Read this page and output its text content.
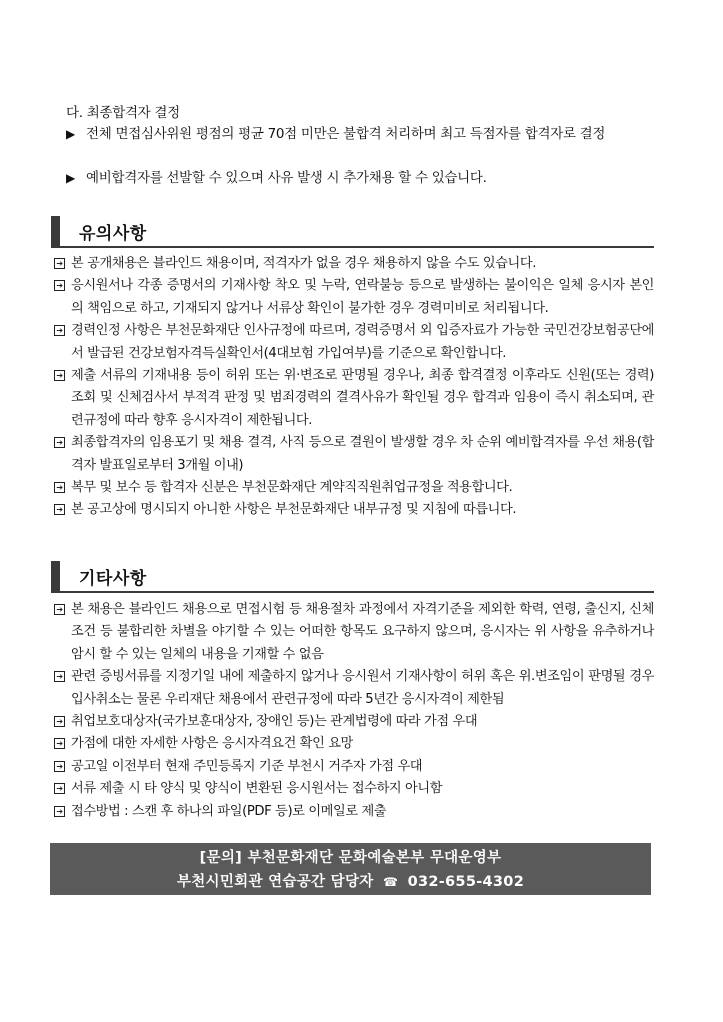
다. 최종합격자 결정
▶ 전체 면접심사위원 평점의 평균 70점 미만은 불합격 처리하며 최고 득점자를 합격자로 결정
▶ 예비합격자를 선발할 수 있으며 사유 발생 시 추가채용 할 수 있습니다.
유의사항
➔ 본 공개채용은 블라인드 채용이며, 적격자가 없을 경우 채용하지 않을 수도 있습니다.
➔ 응시원서나 각종 증명서의 기재사항 착오 및 누락, 연락불능 등으로 발생하는 불이익은 일체 응시자 본인의 책임으로 하고, 기재되지 않거나 서류상 확인이 불가한 경우 경력미비로 처리됩니다.
➔ 경력인정 사항은 부천문화재단 인사규정에 따르며, 경력증명서 외 입증자료가 가능한 국민건강보험공단에서 발급된 건강보험자격득실확인서(4대보험 가입여부)를 기준으로 확인합니다.
➔ 제출 서류의 기재내용 등이 허위 또는 위·변조로 판명될 경우나, 최종 합격결정 이후라도 신원(또는 경력)조회 및 신체검사서 부적격 판정 및 범죄경력의 결격사유가 확인될 경우 합격과 임용이 즉시 취소되며, 관련규정에 따라 향후 응시자격이 제한됩니다.
➔ 최종합격자의 임용포기 및 채용 결격, 사직 등으로 결원이 발생할 경우 차 순위 예비합격자를 우선 채용(합격자 발표일로부터 3개월 이내)
➔ 복무 및 보수 등 합격자 신분은 부천문화재단 계약직직원취업규정을 적용합니다.
➔ 본 공고상에 명시되지 아니한 사항은 부천문화재단 내부규정 및 지침에 따릅니다.
기타사항
➔ 본 채용은 블라인드 채용으로 면접시험 등 채용절차 과정에서 자격기준을 제외한 학력, 연령, 출신지, 신체조건 등 불합리한 차별을 야기할 수 있는 어떠한 항목도 요구하지 않으며, 응시자는 위 사항을 유추하거나 암시 할 수 있는 일체의 내용을 기재할 수 없음
➔ 관련 증빙서류를 지정기일 내에 제출하지 않거나 응시원서 기재사항이 허위 혹은 위.변조임이 판명될 경우 입사취소는 물론 우리재단 채용에서 관련규정에 따라 5년간 응시자격이 제한됨
➔ 취업보호대상자(국가보훈대상자, 장애인 등)는 관계법령에 따라 가점 우대
➔ 가점에 대한 자세한 사항은 응시자격요건 확인 요망
➔ 공고일 이전부터 현재 주민등록지 기준 부천시 거주자 가점 우대
➔ 서류 제출 시 타 양식 및 양식이 변환된 응시원서는 접수하지 아니함
➔ 접수방법 : 스캔 후 하나의 파일(PDF 등)로 이메일로 제출
[문의] 부천문화재단 문화예술본부 무대운영부
부천시민회관 연습공간 담당자 ☎ 032-655-4302
